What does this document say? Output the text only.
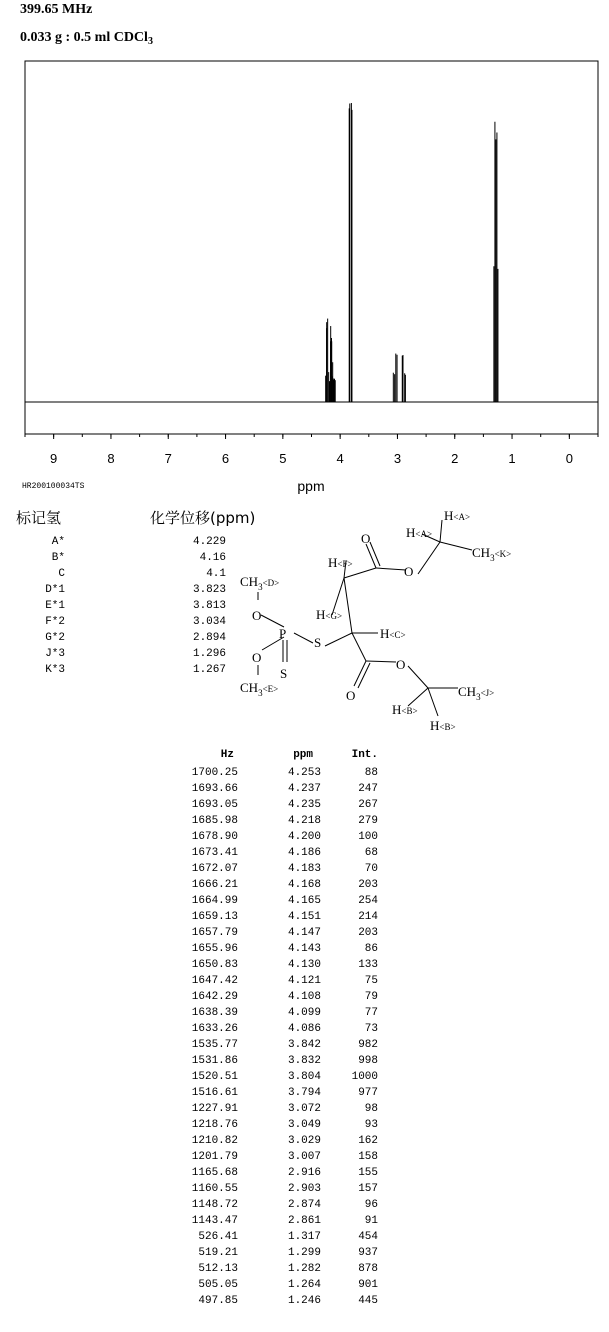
399.65 MHz
0.033 g : 0.5 ml CDCl$_3$
9	8	7	6	5	4	3	2	1	0
ppm
HR200100034TS
标记氢	化学位移(ppm)
A*	4.229
B*	4.16
C	4.1
D*1	3.823
E*1	3.813
F*2	3.034
G*2	2.894
J*3	1.296
K*3	1.267
P
S
S
O
O
O
O
O
O
$CH_3^{<D>}$
$CH_3^{<E>}$
H<F>
H<G>
H<C>
H<A>
H<A>
$CH_3^{<K>}$
$CH_3^{<J>}$
H<B>
H<B>
Hz	ppm	Int.
1700.25	4.253	88
1693.66	4.237	247
1693.05	4.235	267
1685.98	4.218	279
1678.90	4.200	100
1673.41	4.186	68
1672.07	4.183	70
1666.21	4.168	203
1664.99	4.165	254
1659.13	4.151	214
1657.79	4.147	203
1655.96	4.143	86
1650.83	4.130	133
1647.42	4.121	75
1642.29	4.108	79
1638.39	4.099	77
1633.26	4.086	73
1535.77	3.842	982
1531.86	3.832	998
1520.51	3.804	1000
1516.61	3.794	977
1227.91	3.072	98
1218.76	3.049	93
1210.82	3.029	162
1201.79	3.007	158
1165.68	2.916	155
1160.55	2.903	157
1148.72	2.874	96
1143.47	2.861	91
526.41	1.317	454
519.21	1.299	937
512.13	1.282	878
505.05	1.264	901
497.85	1.246	445
